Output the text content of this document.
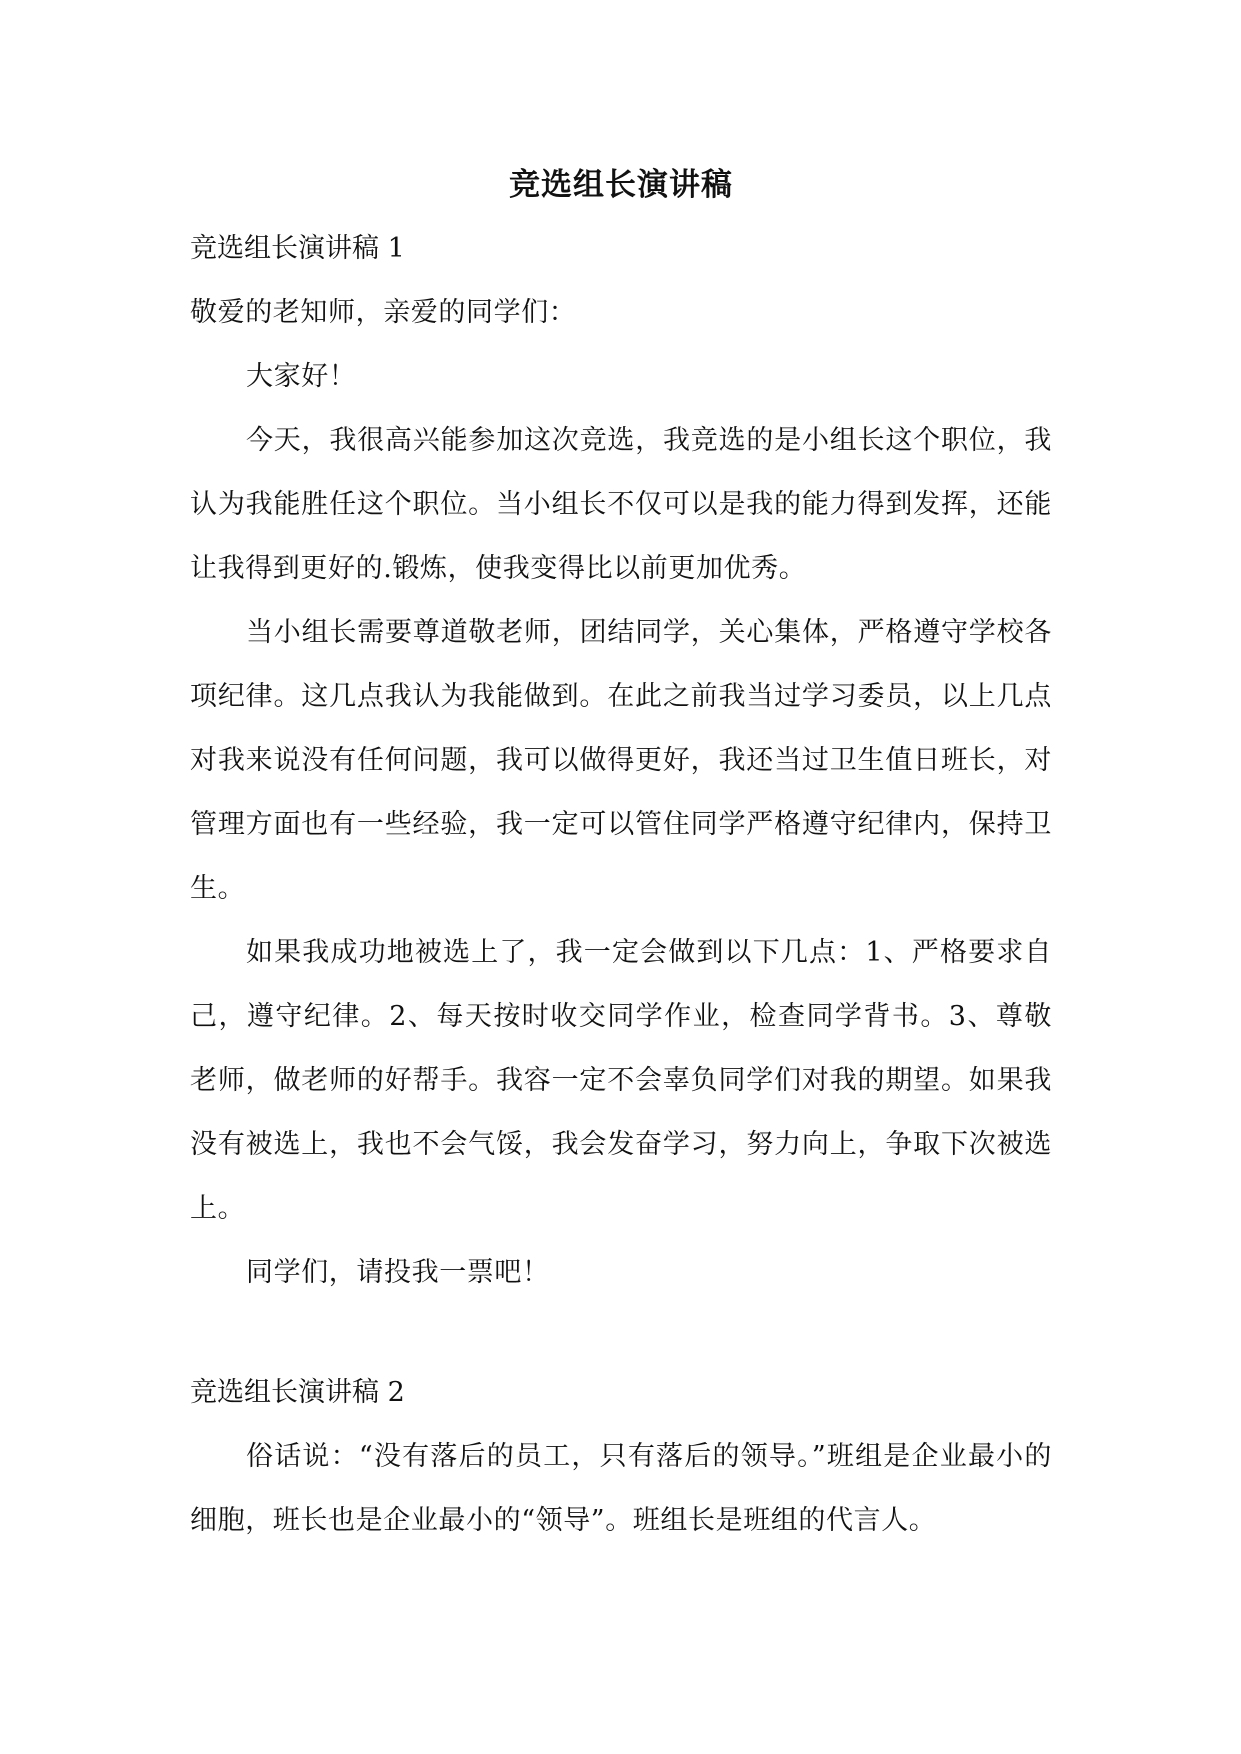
竞选组长演讲稿

竞选组长演讲稿 1

敬爱的老知师，亲爱的同学们：

大家好！

今天，我很高兴能参加这次竞选，我竞选的是小组长这个职位，我认为我能胜任这个职位。当小组长不仅可以是我的能力得到发挥，还能让我得到更好的.锻炼，使我变得比以前更加优秀。

当小组长需要尊道敬老师，团结同学，关心集体，严格遵守学校各项纪律。这几点我认为我能做到。在此之前我当过学习委员，以上几点对我来说没有任何问题，我可以做得更好，我还当过卫生值日班长，对管理方面也有一些经验，我一定可以管住同学严格遵守纪律内，保持卫生。

如果我成功地被选上了，我一定会做到以下几点：1、严格要求自己，遵守纪律。2、每天按时收交同学作业，检查同学背书。3、尊敬老师，做老师的好帮手。我容一定不会辜负同学们对我的期望。如果我没有被选上，我也不会气馁，我会发奋学习，努力向上，争取下次被选上。

同学们，请投我一票吧！

竞选组长演讲稿 2

俗话说：“没有落后的员工，只有落后的领导。”班组是企业最小的细胞，班长也是企业最小的“领导”。班组长是班组的代言人。
